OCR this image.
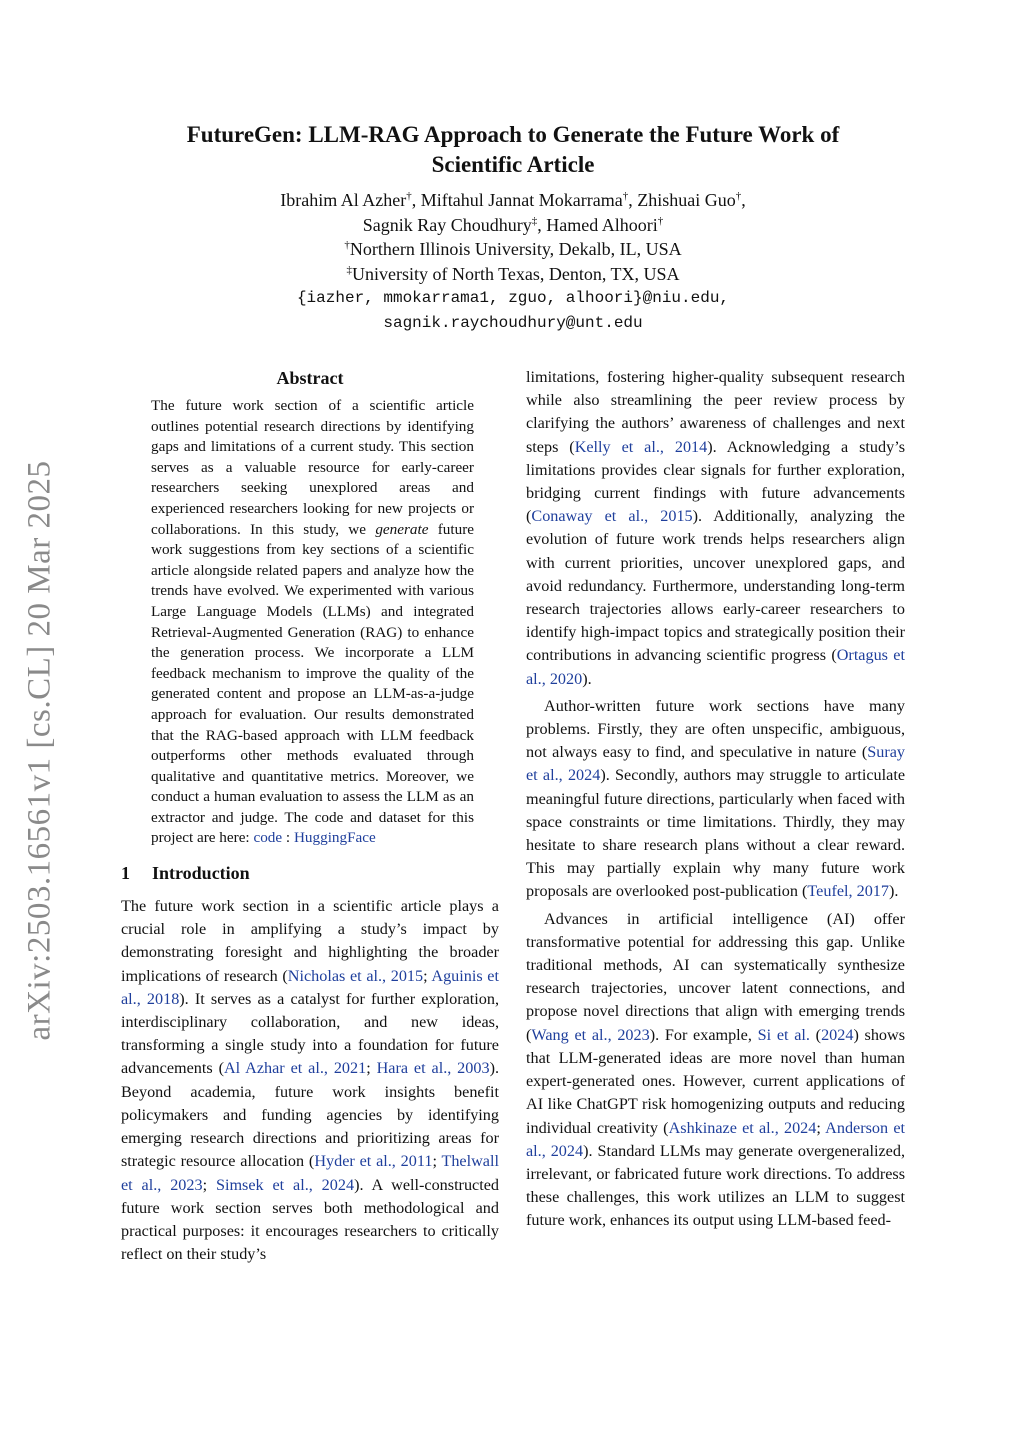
arXiv:2503.16561v1 [cs.CL] 20 Mar 2025
FutureGen: LLM-RAG Approach to Generate the Future Work of
Scientific Article
Ibrahim Al Azher†, Miftahul Jannat Mokarrama†, Zhishuai Guo†,
Sagnik Ray Choudhury‡, Hamed Alhoori†
†Northern Illinois University, Dekalb, IL, USA
‡University of North Texas, Denton, TX, USA
{iazher, mmokarrama1, zguo, alhoori}@niu.edu,
sagnik.raychoudhury@unt.edu
Abstract
The future work section of a scientific article outlines potential research directions by identifying gaps and limitations of a current study. This section serves as a valuable resource for early-career researchers seeking unexplored areas and experienced researchers looking for new projects or collaborations. In this study, we generate future work suggestions from key sections of a scientific article alongside related papers and analyze how the trends have evolved. We experimented with various Large Language Models (LLMs) and integrated Retrieval-Augmented Generation (RAG) to enhance the generation process. We incorporate a LLM feedback mechanism to improve the quality of the generated content and propose an LLM-as-a-judge approach for evaluation. Our results demonstrated that the RAG-based approach with LLM feedback outperforms other methods evaluated through qualitative and quantitative metrics. Moreover, we conduct a human evaluation to assess the LLM as an extractor and judge. The code and dataset for this project are here: code : HuggingFace
1 Introduction

The future work section in a scientific article plays a crucial role in amplifying a study’s impact by demonstrating foresight and highlighting the broader implications of research (Nicholas et al., 2015; Aguinis et al., 2018). It serves as a catalyst for further exploration, interdisciplinary collaboration, and new ideas, transforming a single study into a foundation for future advancements (Al Azhar et al., 2021; Hara et al., 2003). Beyond academia, future work insights benefit policymakers and funding agencies by identifying emerging research directions and prioritizing areas for strategic resource allocation (Hyder et al., 2011; Thelwall et al., 2023; Simsek et al., 2024). A well-constructed future work section serves both methodological and practical purposes: it encourages researchers to critically reflect on their study’s

limitations, fostering higher-quality subsequent research while also streamlining the peer review process by clarifying the authors’ awareness of challenges and next steps (Kelly et al., 2014). Acknowledging a study’s limitations provides clear signals for further exploration, bridging current findings with future advancements (Conaway et al., 2015). Additionally, analyzing the evolution of future work trends helps researchers align with current priorities, uncover unexplored gaps, and avoid redundancy. Furthermore, understanding long-term research trajectories allows early-career researchers to identify high-impact topics and strategically position their contributions in advancing scientific progress (Ortagus et al., 2020).

Author-written future work sections have many problems. Firstly, they are often unspecific, ambiguous, not always easy to find, and speculative in nature (Suray et al., 2024). Secondly, authors may struggle to articulate meaningful future directions, particularly when faced with space constraints or time limitations. Thirdly, they may hesitate to share research plans without a clear reward. This may partially explain why many future work proposals are overlooked post-publication (Teufel, 2017).

Advances in artificial intelligence (AI) offer transformative potential for addressing this gap. Unlike traditional methods, AI can systematically synthesize research trajectories, uncover latent connections, and propose novel directions that align with emerging trends (Wang et al., 2023). For example, Si et al. (2024) shows that LLM-generated ideas are more novel than human expert-generated ones. However, current applications of AI like ChatGPT risk homogenizing outputs and reducing individual creativity (Ashkinaze et al., 2024; Anderson et al., 2024). Standard LLMs may generate overgeneralized, irrelevant, or fabricated future work directions. To address these challenges, this work utilizes an LLM to suggest future work, enhances its output using LLM-based feed-
